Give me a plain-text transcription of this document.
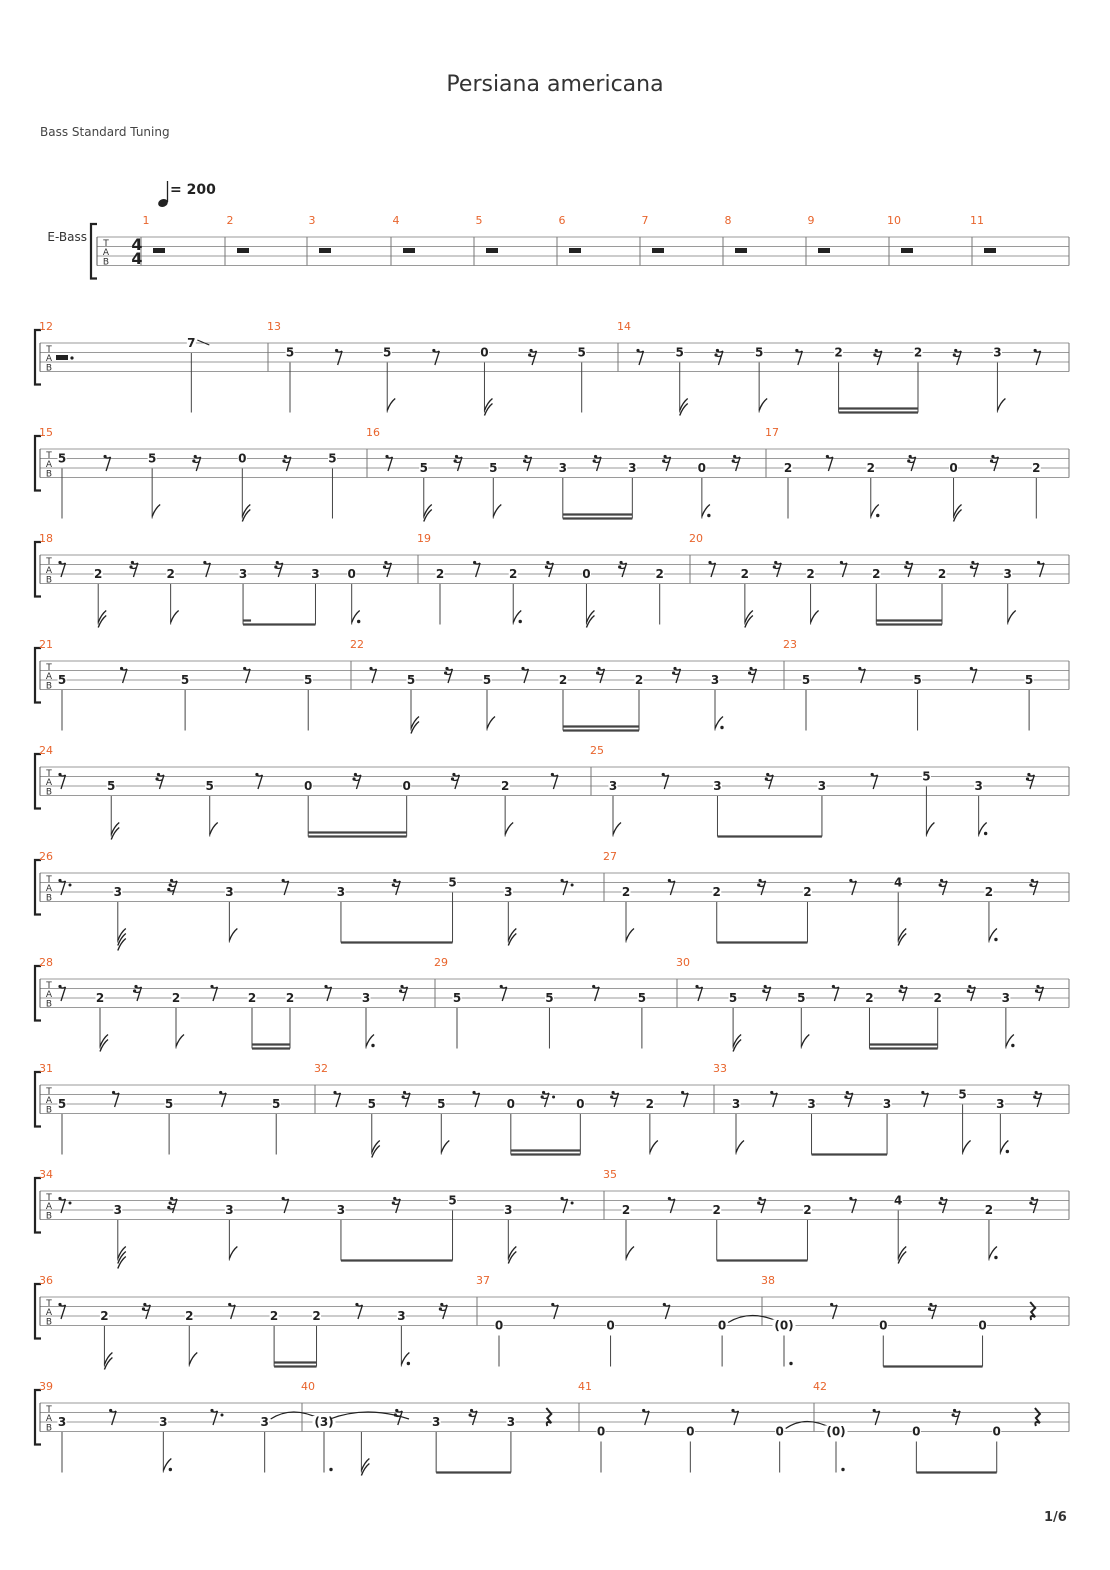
Persiana americana
Bass Standard Tuning
E-Bass
= 200
T
A
B
4
4
1	2	3	4	5	6	7	8	9	10	11
T
A
B
12
7
13
5	5	0	5
14
5	5	2	2	3
T
A
B
15
5	5	0	5
16
5	5	3	3	0
17
2	2	0	2
T
A
B
18
2	2	3	3 0
19
2	2	0	2
20
2	2	2	2	3
T
A
B
21
5	5	5
22
5	5	2	2	3
23
5	5	5
T
A
B
24
5	5	0	0	2
25
3	3	3
5
3
T
A
B
26
3	3	3
5
3
27
2	2	2
4
2
T
A
B
28
2	2	2 2	3
29
5	5	5
30
5	5	2	2	3
T
A
B
31
5	5	5
32
5	5	0	0	2
33
3	3	3
5
3
T
A
B
34
3	3	3
5
3
35
2	2	2
4
2
T
A
B
36
2	2	2	2	3
37
0	0	0
38
(0)	0	0
T
A
B
39
3	3	3
40
(3)	3	3
41
0	0	0
42
(0)	0	0
1/6
